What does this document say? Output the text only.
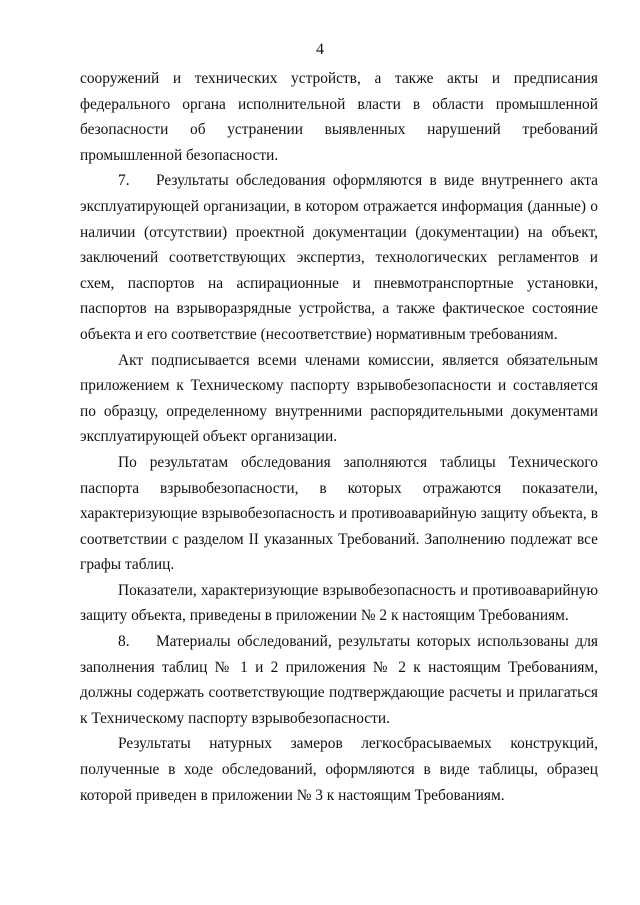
4

сооружений и технических устройств, а также акты и предписания федерального органа исполнительной власти в области промышленной безопасности об устранении выявленных нарушений требований промышленной безопасности.

7. Результаты обследования оформляются в виде внутреннего акта эксплуатирующей организации, в котором отражается информация (данные) о наличии (отсутствии) проектной документации (документации) на объект, заключений соответствующих экспертиз, технологических регламентов и схем, паспортов на аспирационные и пневмотранспортные установки, паспортов на взрыворазрядные устройства, а также фактическое состояние объекта и его соответствие (несоответствие) нормативным требованиям.

Акт подписывается всеми членами комиссии, является обязательным приложением к Техническому паспорту взрывобезопасности и составляется по образцу, определенному внутренними распорядительными документами эксплуатирующей объект организации.

По результатам обследования заполняются таблицы Технического паспорта взрывобезопасности, в которых отражаются показатели, характеризующие взрывобезопасность и противоаварийную защиту объекта, в соответствии с разделом II указанных Требований. Заполнению подлежат все графы таблиц.

Показатели, характеризующие взрывобезопасность и противоаварийную защиту объекта, приведены в приложении № 2 к настоящим Требованиям.

8. Материалы обследований, результаты которых использованы для заполнения таблиц № 1 и 2 приложения № 2 к настоящим Требованиям, должны содержать соответствующие подтверждающие расчеты и прилагаться к Техническому паспорту взрывобезопасности.

Результаты натурных замеров легкосбрасываемых конструкций, полученные в ходе обследований, оформляются в виде таблицы, образец которой приведен в приложении № 3 к настоящим Требованиям.
